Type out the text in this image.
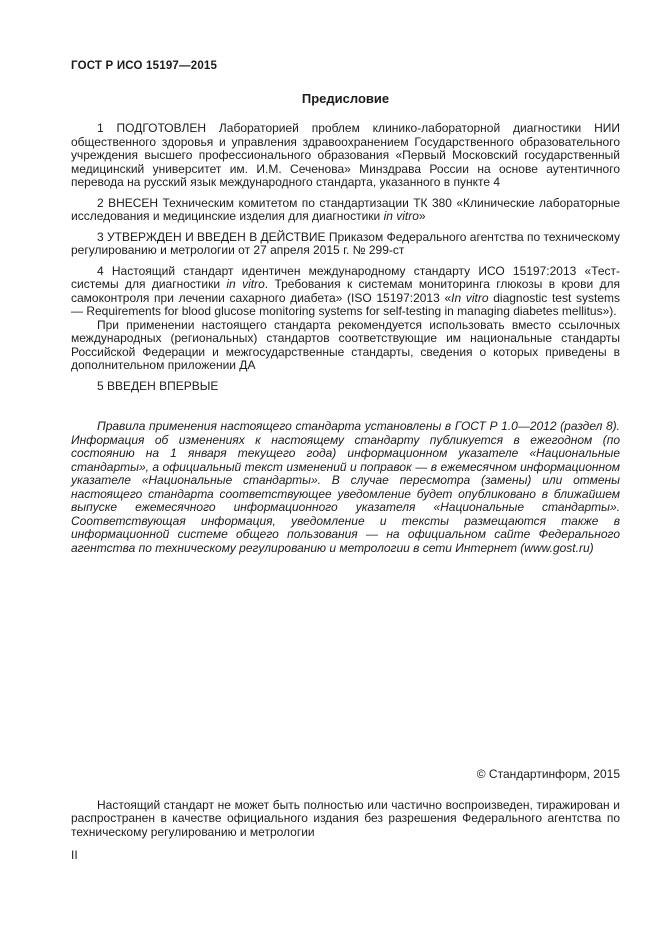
ГОСТ Р ИСО 15197—2015
Предисловие

1 ПОДГОТОВЛЕН Лабораторией проблем клинико-лабораторной диагностики НИИ общественного здоровья и управления здравоохранением Государственного образовательного учреждения высшего профессионального образования «Первый Московский государственный медицинский университет им. И.М. Сеченова» Минздрава России на основе аутентичного перевода на русский язык международного стандарта, указанного в пункте 4

2 ВНЕСЕН Техническим комитетом по стандартизации ТК 380 «Клинические лабораторные исследования и медицинские изделия для диагностики in vitro»

3 УТВЕРЖДЕН И ВВЕДЕН В ДЕЙСТВИЕ Приказом Федерального агентства по техническому регулированию и метрологии от 27 апреля 2015 г. № 299-ст

4 Настоящий стандарт идентичен международному стандарту ИСО 15197:2013 «Тест-системы для диагностики in vitro. Требования к системам мониторинга глюкозы в крови для самоконтроля при лечении сахарного диабета» (ISO 15197:2013 «In vitro diagnostic test systems — Requirements for blood glucose monitoring systems for self-testing in managing diabetes mellitus»).

При применении настоящего стандарта рекомендуется использовать вместо ссылочных международных (региональных) стандартов соответствующие им национальные стандарты Российской Федерации и межгосударственные стандарты, сведения о которых приведены в дополнительном приложении ДА

5 ВВЕДЕН ВПЕРВЫЕ

Правила применения настоящего стандарта установлены в ГОСТ Р 1.0—2012 (раздел 8). Информация об изменениях к настоящему стандарту публикуется в ежегодном (по состоянию на 1 января текущего года) информационном указателе «Национальные стандарты», а официальный текст изменений и поправок — в ежемесячном информационном указателе «Национальные стандарты». В случае пересмотра (замены) или отмены настоящего стандарта соответствующее уведомление будет опубликовано в ближайшем выпуске ежемесячного информационного указателя «Национальные стандарты». Соответствующая информация, уведомление и тексты размещаются также в информационной системе общего пользования — на официальном сайте Федерального агентства по техническому регулированию и метрологии в сети Интернет (www.gost.ru)

© Стандартинформ, 2015

Настоящий стандарт не может быть полностью или частично воспроизведен, тиражирован и распространен в качестве официального издания без разрешения Федерального агентства по техническому регулированию и метрологии

II
